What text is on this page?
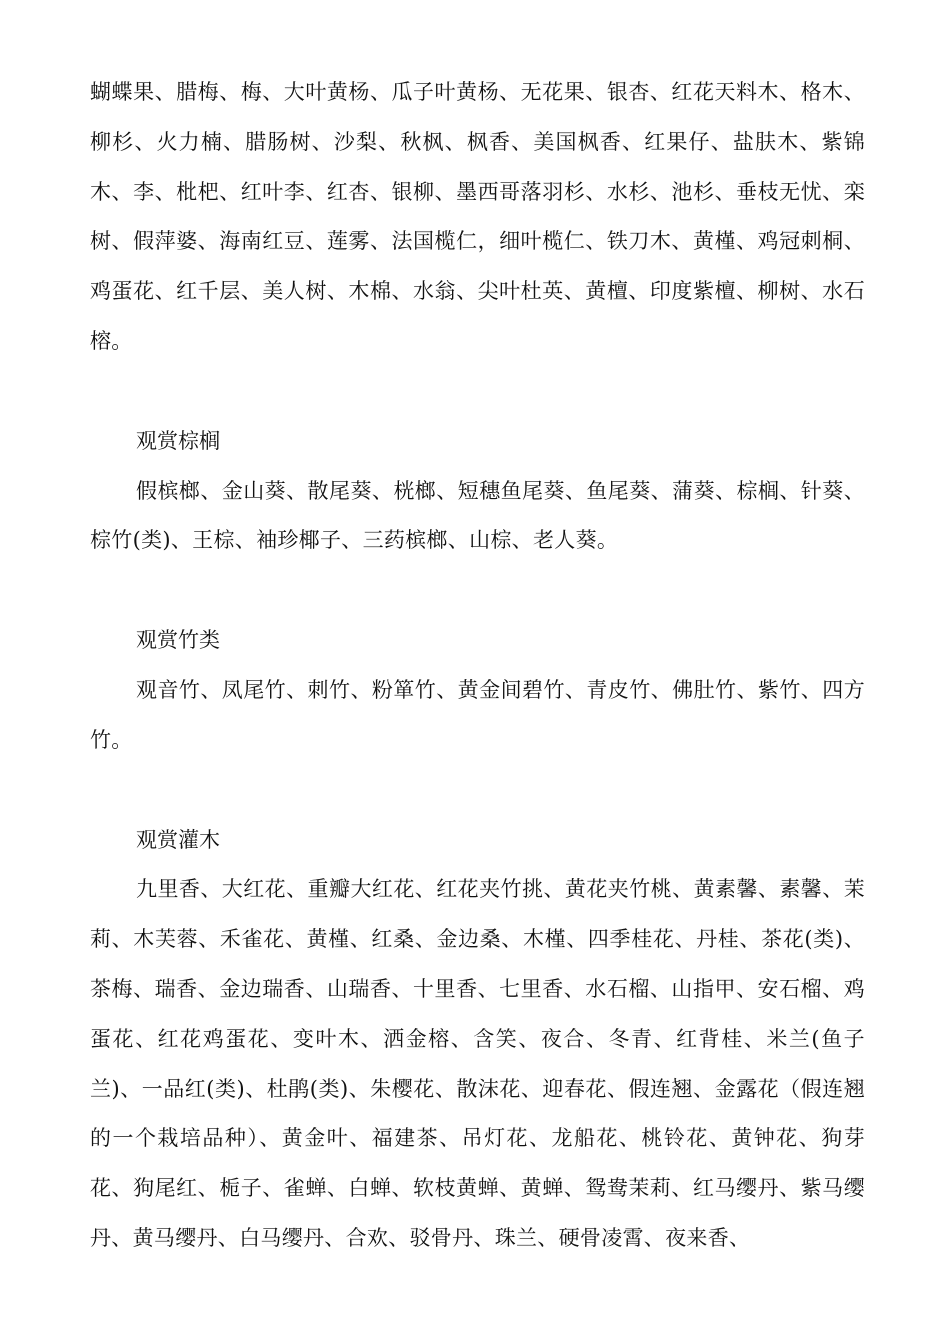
蝴蝶果、腊梅、梅、大叶黄杨、瓜子叶黄杨、无花果、银杏、红花天料木、格木、柳杉、火力楠、腊肠树、沙梨、秋枫、枫香、美国枫香、红果仔、盐肤木、紫锦木、李、枇杷、红叶李、红杏、银柳、墨西哥落羽杉、水杉、池杉、垂枝无忧、栾树、假萍婆、海南红豆、莲雾、法国榄仁，细叶榄仁、铁刀木、黄槿、鸡冠刺桐、鸡蛋花、红千层、美人树、木棉、水翁、尖叶杜英、黄檀、印度紫檀、柳树、水石榕。

观赏棕榈

假槟榔、金山葵、散尾葵、桄榔、短穗鱼尾葵、鱼尾葵、蒲葵、棕榈、针葵、棕竹(类)、王棕、袖珍椰子、三药槟榔、山棕、老人葵。

观赏竹类

观音竹、凤尾竹、刺竹、粉箪竹、黄金间碧竹、青皮竹、佛肚竹、紫竹、四方竹。

观赏灌木

九里香、大红花、重瓣大红花、红花夹竹挑、黄花夹竹桃、黄素馨、素馨、茉莉、木芙蓉、禾雀花、黄槿、红桑、金边桑、木槿、四季桂花、丹桂、茶花(类)、茶梅、瑞香、金边瑞香、山瑞香、十里香、七里香、水石榴、山指甲、安石榴、鸡蛋花、红花鸡蛋花、变叶木、洒金榕、含笑、夜合、冬青、红背桂、米兰(鱼子兰)、一品红(类)、杜鹃(类)、朱樱花、散沫花、迎春花、假连翘、金露花（假连翘的一个栽培品种）、黄金叶、福建茶、吊灯花、龙船花、桃铃花、黄钟花、狗芽花、狗尾红、栀子、雀蝉、白蝉、软枝黄蝉、黄蝉、鸳鸯茉莉、红马缨丹、紫马缨丹、黄马缨丹、白马缨丹、合欢、驳骨丹、珠兰、硬骨凌霄、夜来香、
